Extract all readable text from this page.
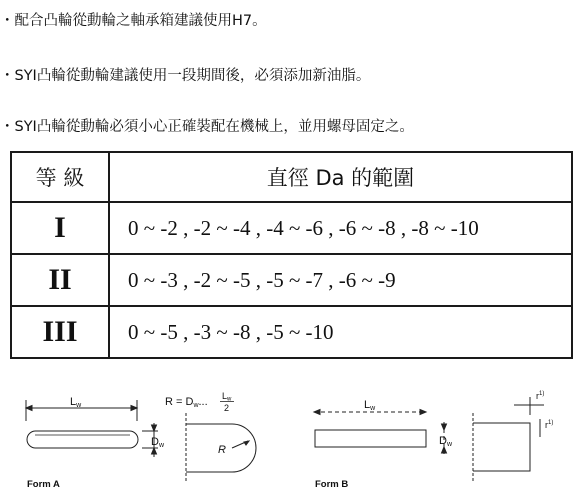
・配合凸輪從動輪之軸承箱建議使用H7。
・SYI凸輪從動輪建議使用一段期間後，必須添加新油脂。
・SYI凸輪從動輪必須小心正確裝配在機械上，並用螺母固定之。
等 級	直徑 Da 的範圍
I	0 ~ -2 , -2 ~ -4 , -4 ~ -6 , -6 ~ -8 , -8 ~ -10
II	0 ~ -3 , -2 ~ -5 , -5 ~ -7 , -6 ~ -9
III	0 ~ -5 , -3 ~ -8 , -5 ~ -10
Lw
Dw
R = Dw... Lw
2
R
Form A
Lw
Dw
$r^{1)}$
$r^{1)}$
Form B
